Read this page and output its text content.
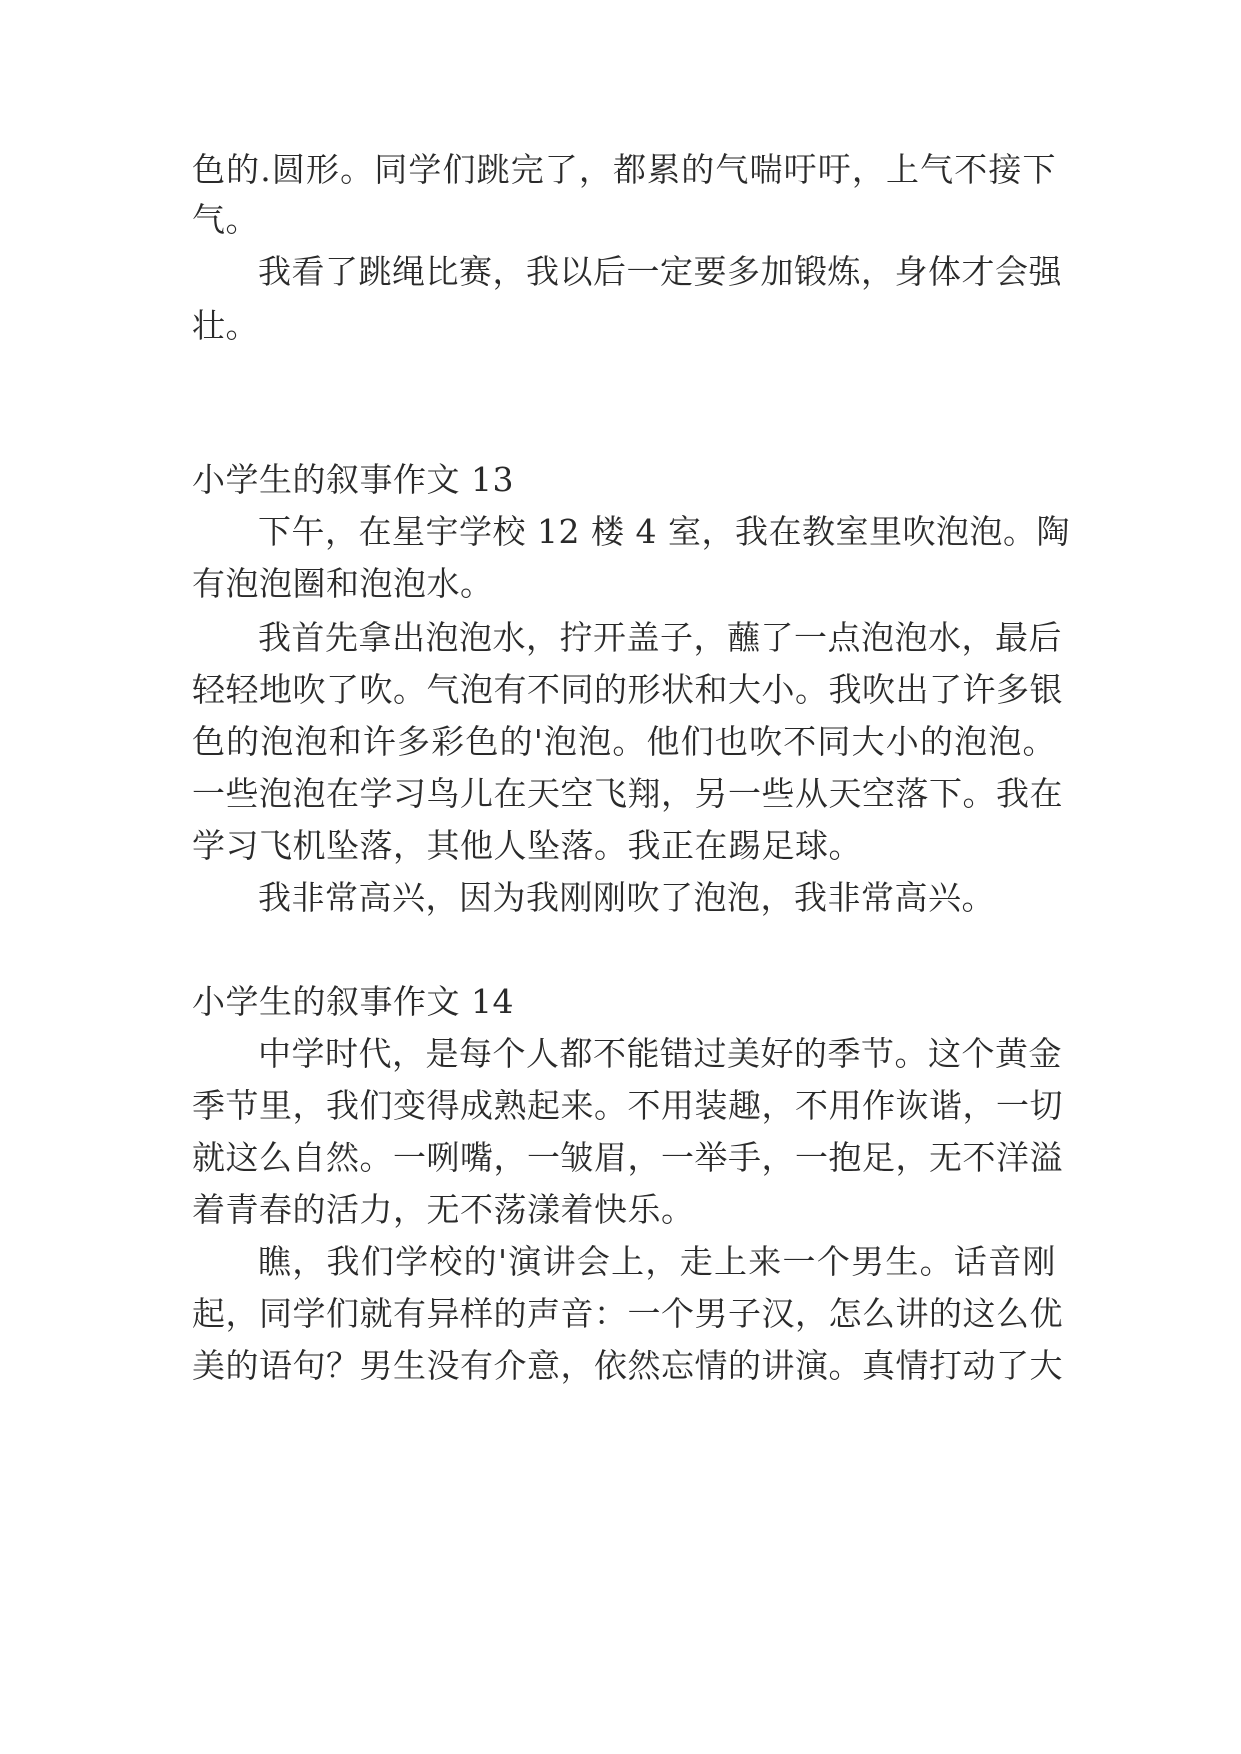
色的.圆形。同学们跳完了，都累的气喘吁吁，上气不接下
气。
我看了跳绳比赛，我以后一定要多加锻炼，身体才会强
壮。
小学生的叙事作文 13
下午，在星宇学校 12 楼 4 室，我在教室里吹泡泡。陶
有泡泡圈和泡泡水。
我首先拿出泡泡水，拧开盖子，蘸了一点泡泡水，最后
轻轻地吹了吹。气泡有不同的形状和大小。我吹出了许多银
色的泡泡和许多彩色的'泡泡。他们也吹不同大小的泡泡。
一些泡泡在学习鸟儿在天空飞翔，另一些从天空落下。我在
学习飞机坠落，其他人坠落。我正在踢足球。
我非常高兴，因为我刚刚吹了泡泡，我非常高兴。
小学生的叙事作文 14
中学时代，是每个人都不能错过美好的季节。这个黄金
季节里，我们变得成熟起来。不用装趣，不用作诙谐，一切
就这么自然。一咧嘴，一皱眉，一举手，一抱足，无不洋溢
着青春的活力，无不荡漾着快乐。
瞧，我们学校的'演讲会上，走上来一个男生。话音刚
起，同学们就有异样的声音：一个男子汉，怎么讲的这么优
美的语句？男生没有介意，依然忘情的讲演。真情打动了大
